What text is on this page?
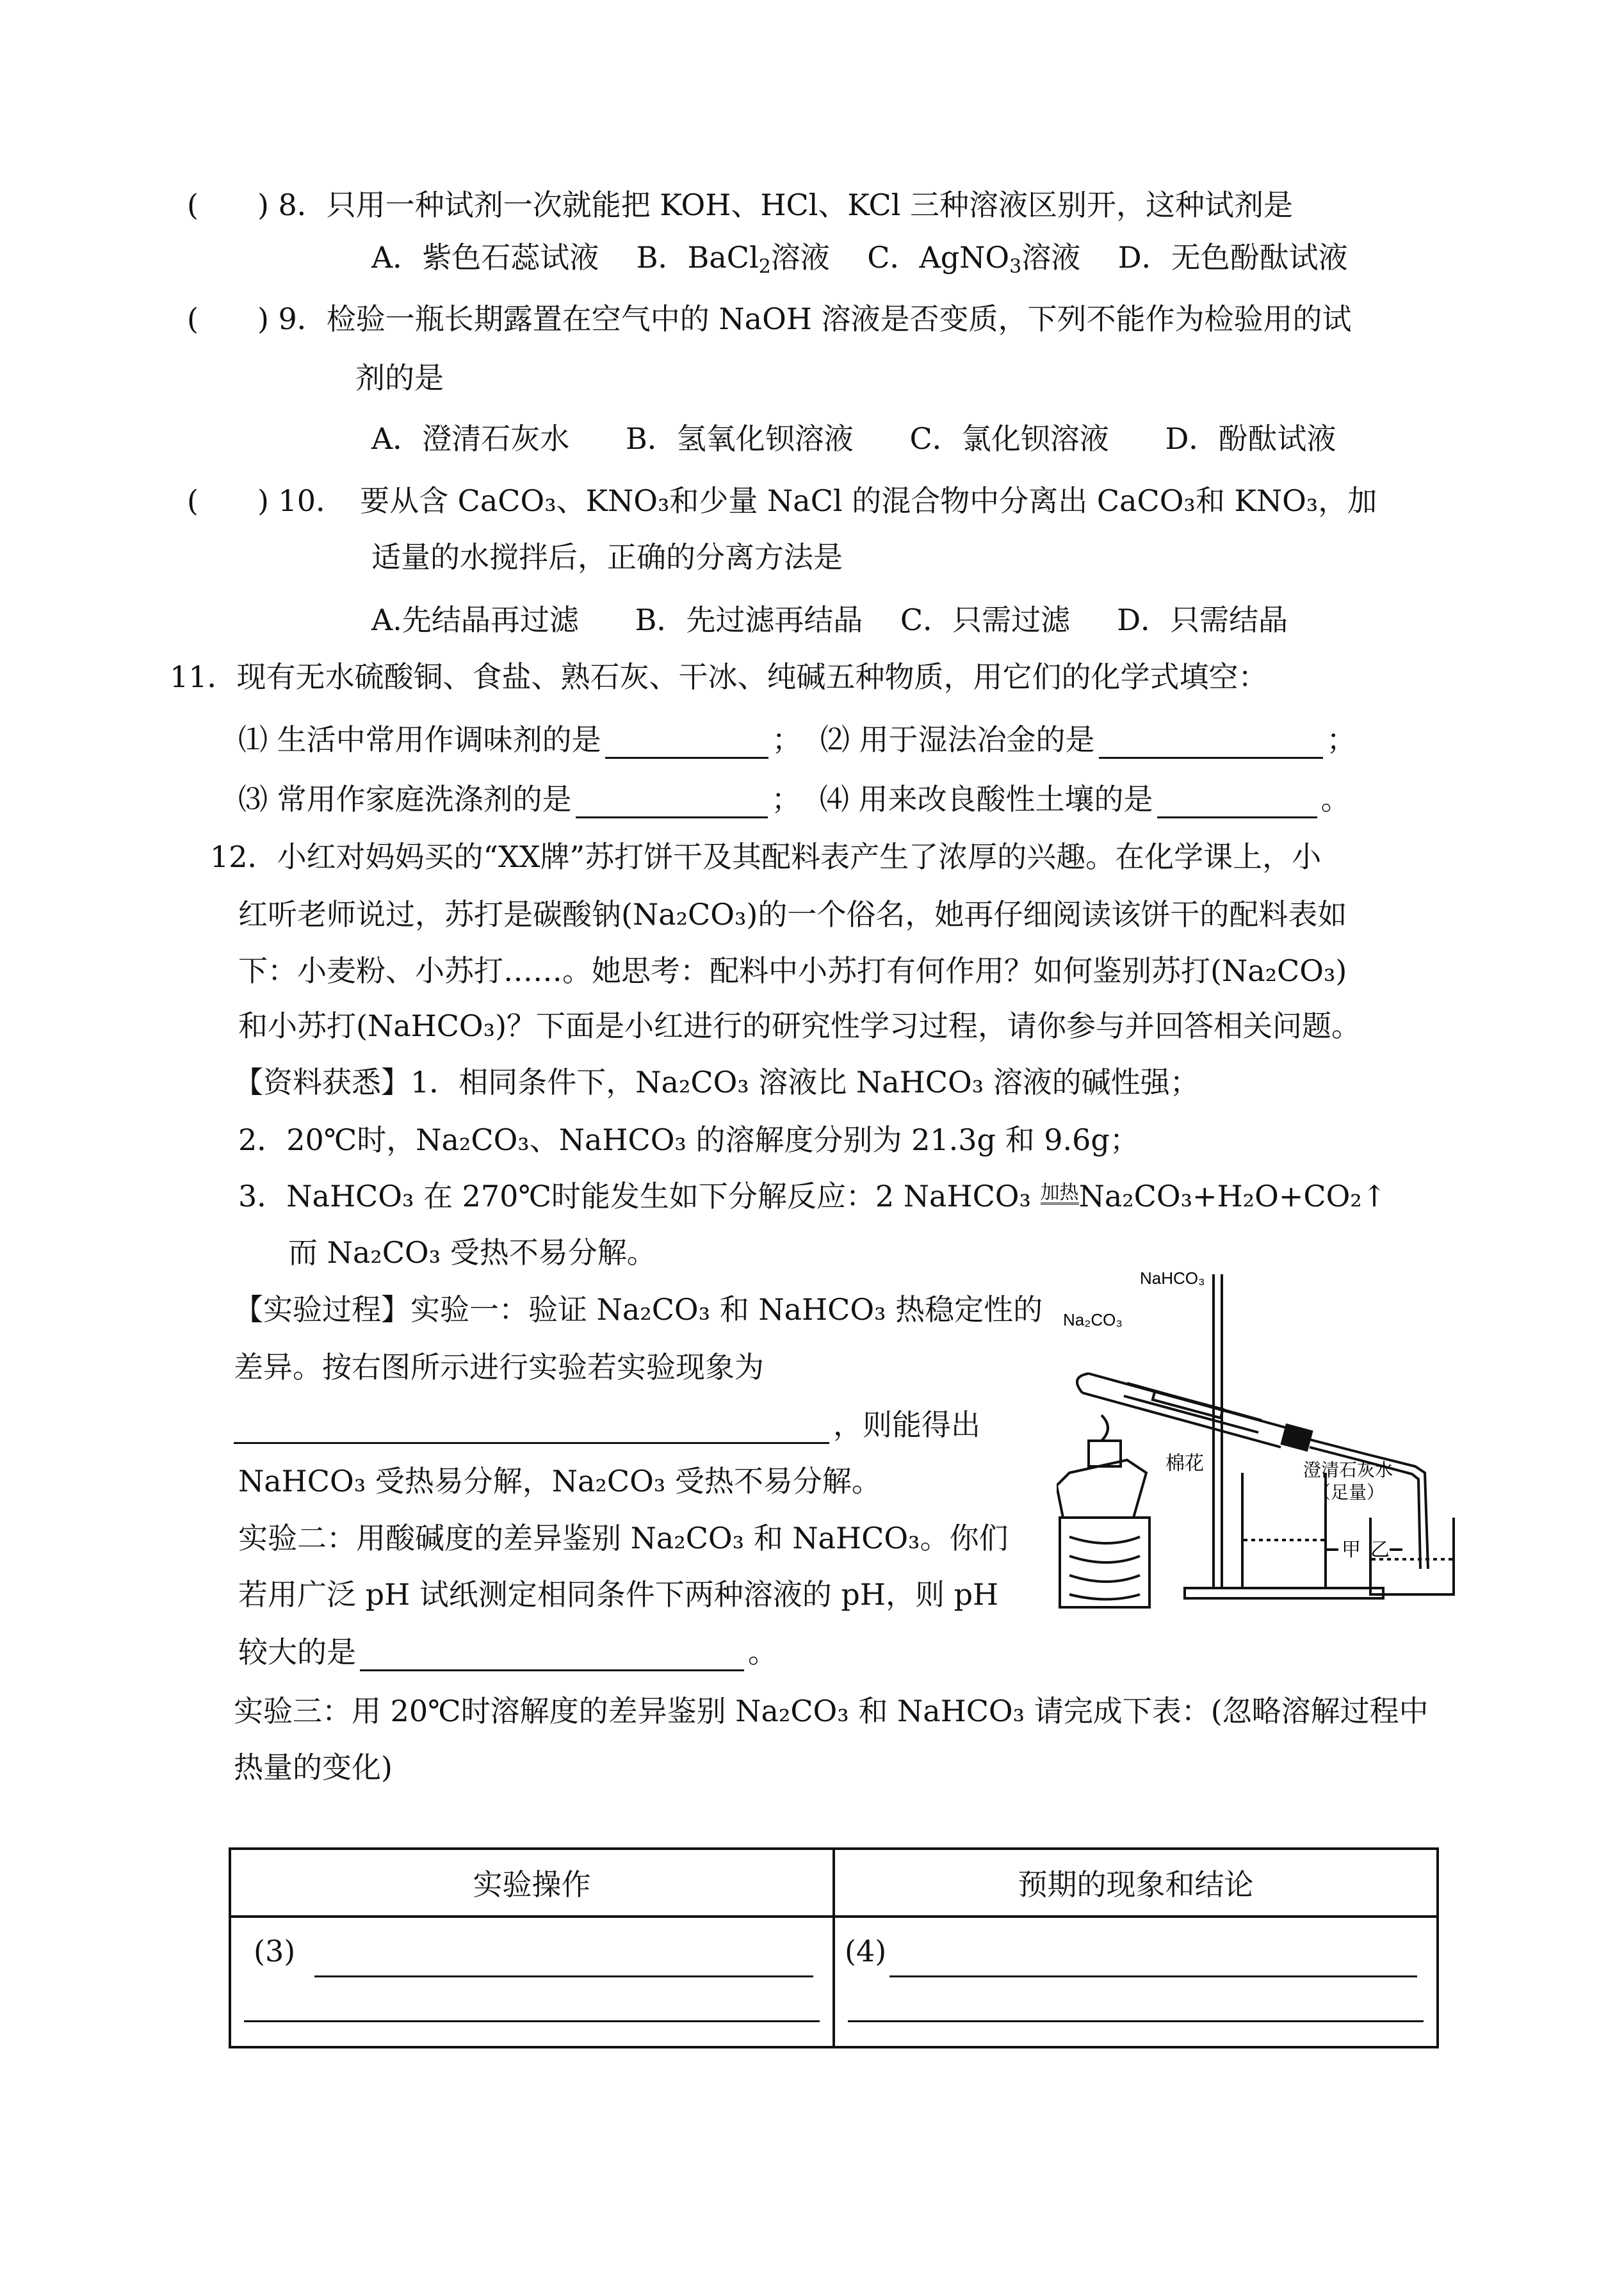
(　　) 8．只用一种试剂一次就能把 KOH、HCl、KCl 三种溶液区别开，这种试剂是
A．紫色石蕊试液 B．BaCl$_2$溶液 C．AgNO$_3$溶液 D．无色酚酞试液
(　　) 9．检验一瓶长期露置在空气中的 NaOH 溶液是否变质，下列不能作为检验用的试
剂的是
A．澄清石灰水 B．氢氧化钡溶液 C．氯化钡溶液 D．酚酞试液
(　　) 10．　要从含 CaCO₃、KNO₃和少量 NaCl 的混合物中分离出 CaCO₃和 KNO₃，加
适量的水搅拌后，正确的分离方法是
A.先结晶再过滤 B．先过滤再结晶 C．只需过滤 D．只需结晶
11．现有无水硫酸铜、食盐、熟石灰、干冰、纯碱五种物质，用它们的化学式填空：
⑴ 生活中常用作调味剂的是	； ⑵ 用于湿法冶金的是	；
⑶ 常用作家庭洗涤剂的是	； ⑷ 用来改良酸性土壤的是	。
12．小红对妈妈买的“XX牌”苏打饼干及其配料表产生了浓厚的兴趣。在化学课上，小
红听老师说过，苏打是碳酸钠(Na₂CO₃)的一个俗名，她再仔细阅读该饼干的配料表如
下：小麦粉、小苏打……。她思考：配料中小苏打有何作用？如何鉴别苏打(Na₂CO₃)
和小苏打(NaHCO₃)？下面是小红进行的研究性学习过程，请你参与并回答相关问题。
【资料获悉】1．相同条件下，Na₂CO₃ 溶液比 NaHCO₃ 溶液的碱性强；
2．20℃时，Na₂CO₃、NaHCO₃ 的溶解度分别为 21.3g 和 9.6g；
3．NaHCO₃ 在 270℃时能发生如下分解反应：2 NaHCO₃ 加热Na₂CO₃+H₂O+CO₂↑
而 Na₂CO₃ 受热不易分解。
【实验过程】实验一：验证 Na₂CO₃ 和 NaHCO₃ 热稳定性的
差异。按右图所示进行实验若实验现象为
，则能得出
NaHCO₃ 受热易分解，Na₂CO₃ 受热不易分解。
实验二：用酸碱度的差异鉴别 Na₂CO₃ 和 NaHCO₃。你们
若用广泛 pH 试纸测定相同条件下两种溶液的 pH，则 pH
较大的是	。
实验三：用 20℃时溶解度的差异鉴别 Na₂CO₃ 和 NaHCO₃ 请完成下表：(忽略溶解过程中
热量的变化)
NaHCO₃
Na₂CO₃
棉花	澄清石灰水
（足量）
甲 乙
实验操作	预期的现象和结论

(3)	(4)
